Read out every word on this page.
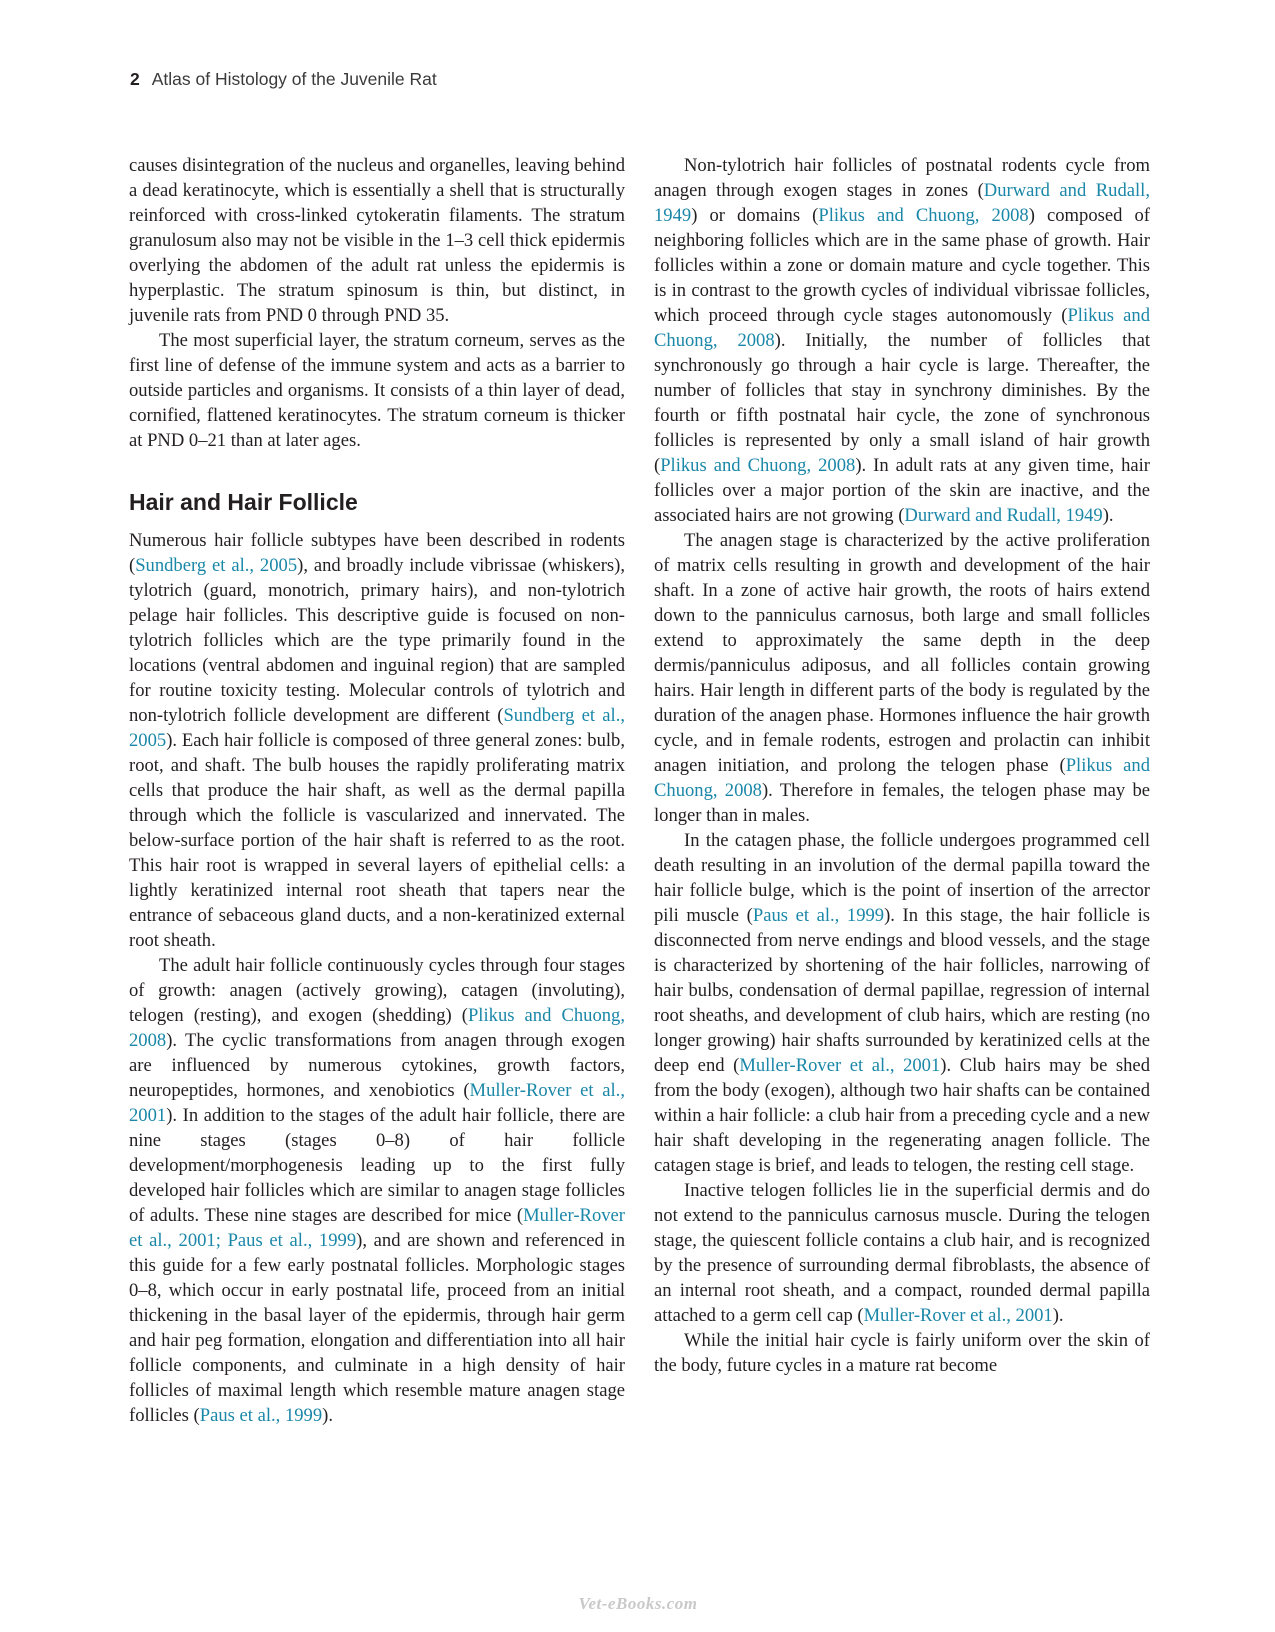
2 Atlas of Histology of the Juvenile Rat

causes disintegration of the nucleus and organelles, leaving behind a dead keratinocyte, which is essentially a shell that is structurally reinforced with cross-linked cytokeratin filaments. The stratum granulosum also may not be visible in the 1–3 cell thick epidermis overlying the abdomen of the adult rat unless the epidermis is hyperplastic. The stratum spinosum is thin, but distinct, in juvenile rats from PND 0 through PND 35.

The most superficial layer, the stratum corneum, serves as the first line of defense of the immune system and acts as a barrier to outside particles and organisms. It consists of a thin layer of dead, cornified, flattened keratinocytes. The stratum corneum is thicker at PND 0–21 than at later ages.

Hair and Hair Follicle

Numerous hair follicle subtypes have been described in rodents (Sundberg et al., 2005), and broadly include vibrissae (whiskers), tylotrich (guard, monotrich, primary hairs), and non-tylotrich pelage hair follicles. This descriptive guide is focused on non-tylotrich follicles which are the type primarily found in the locations (ventral abdomen and inguinal region) that are sampled for routine toxicity testing. Molecular controls of tylotrich and non-tylotrich follicle development are different (Sundberg et al., 2005). Each hair follicle is composed of three general zones: bulb, root, and shaft. The bulb houses the rapidly proliferating matrix cells that produce the hair shaft, as well as the dermal papilla through which the follicle is vascularized and innervated. The below-surface portion of the hair shaft is referred to as the root. This hair root is wrapped in several layers of epithelial cells: a lightly keratinized internal root sheath that tapers near the entrance of sebaceous gland ducts, and a non-keratinized external root sheath.

The adult hair follicle continuously cycles through four stages of growth: anagen (actively growing), catagen (involuting), telogen (resting), and exogen (shedding) (Plikus and Chuong, 2008). The cyclic transformations from anagen through exogen are influenced by numerous cytokines, growth factors, neuropeptides, hormones, and xenobiotics (Muller-Rover et al., 2001). In addition to the stages of the adult hair follicle, there are nine stages (stages 0–8) of hair follicle development/morphogenesis leading up to the first fully developed hair follicles which are similar to anagen stage follicles of adults. These nine stages are described for mice (Muller-Rover et al., 2001; Paus et al., 1999), and are shown and referenced in this guide for a few early postnatal follicles. Morphologic stages 0–8, which occur in early postnatal life, proceed from an initial thickening in the basal layer of the epidermis, through hair germ and hair peg formation, elongation and differentiation into all hair follicle components, and culminate in a high density of hair follicles of maximal length which resemble mature anagen stage follicles (Paus et al., 1999).

Non-tylotrich hair follicles of postnatal rodents cycle from anagen through exogen stages in zones (Durward and Rudall, 1949) or domains (Plikus and Chuong, 2008) composed of neighboring follicles which are in the same phase of growth. Hair follicles within a zone or domain mature and cycle together. This is in contrast to the growth cycles of individual vibrissae follicles, which proceed through cycle stages autonomously (Plikus and Chuong, 2008). Initially, the number of follicles that synchronously go through a hair cycle is large. Thereafter, the number of follicles that stay in synchrony diminishes. By the fourth or fifth postnatal hair cycle, the zone of synchronous follicles is represented by only a small island of hair growth (Plikus and Chuong, 2008). In adult rats at any given time, hair follicles over a major portion of the skin are inactive, and the associated hairs are not growing (Durward and Rudall, 1949).

The anagen stage is characterized by the active proliferation of matrix cells resulting in growth and development of the hair shaft. In a zone of active hair growth, the roots of hairs extend down to the panniculus carnosus, both large and small follicles extend to approximately the same depth in the deep dermis/panniculus adiposus, and all follicles contain growing hairs. Hair length in different parts of the body is regulated by the duration of the anagen phase. Hormones influence the hair growth cycle, and in female rodents, estrogen and prolactin can inhibit anagen initiation, and prolong the telogen phase (Plikus and Chuong, 2008). Therefore in females, the telogen phase may be longer than in males.

In the catagen phase, the follicle undergoes programmed cell death resulting in an involution of the dermal papilla toward the hair follicle bulge, which is the point of insertion of the arrector pili muscle (Paus et al., 1999). In this stage, the hair follicle is disconnected from nerve endings and blood vessels, and the stage is characterized by shortening of the hair follicles, narrowing of hair bulbs, condensation of dermal papillae, regression of internal root sheaths, and development of club hairs, which are resting (no longer growing) hair shafts surrounded by keratinized cells at the deep end (Muller-Rover et al., 2001). Club hairs may be shed from the body (exogen), although two hair shafts can be contained within a hair follicle: a club hair from a preceding cycle and a new hair shaft developing in the regenerating anagen follicle. The catagen stage is brief, and leads to telogen, the resting cell stage.

Inactive telogen follicles lie in the superficial dermis and do not extend to the panniculus carnosus muscle. During the telogen stage, the quiescent follicle contains a club hair, and is recognized by the presence of surrounding dermal fibroblasts, the absence of an internal root sheath, and a compact, rounded dermal papilla attached to a germ cell cap (Muller-Rover et al., 2001).

While the initial hair cycle is fairly uniform over the skin of the body, future cycles in a mature rat become

Vet-eBooks.com
